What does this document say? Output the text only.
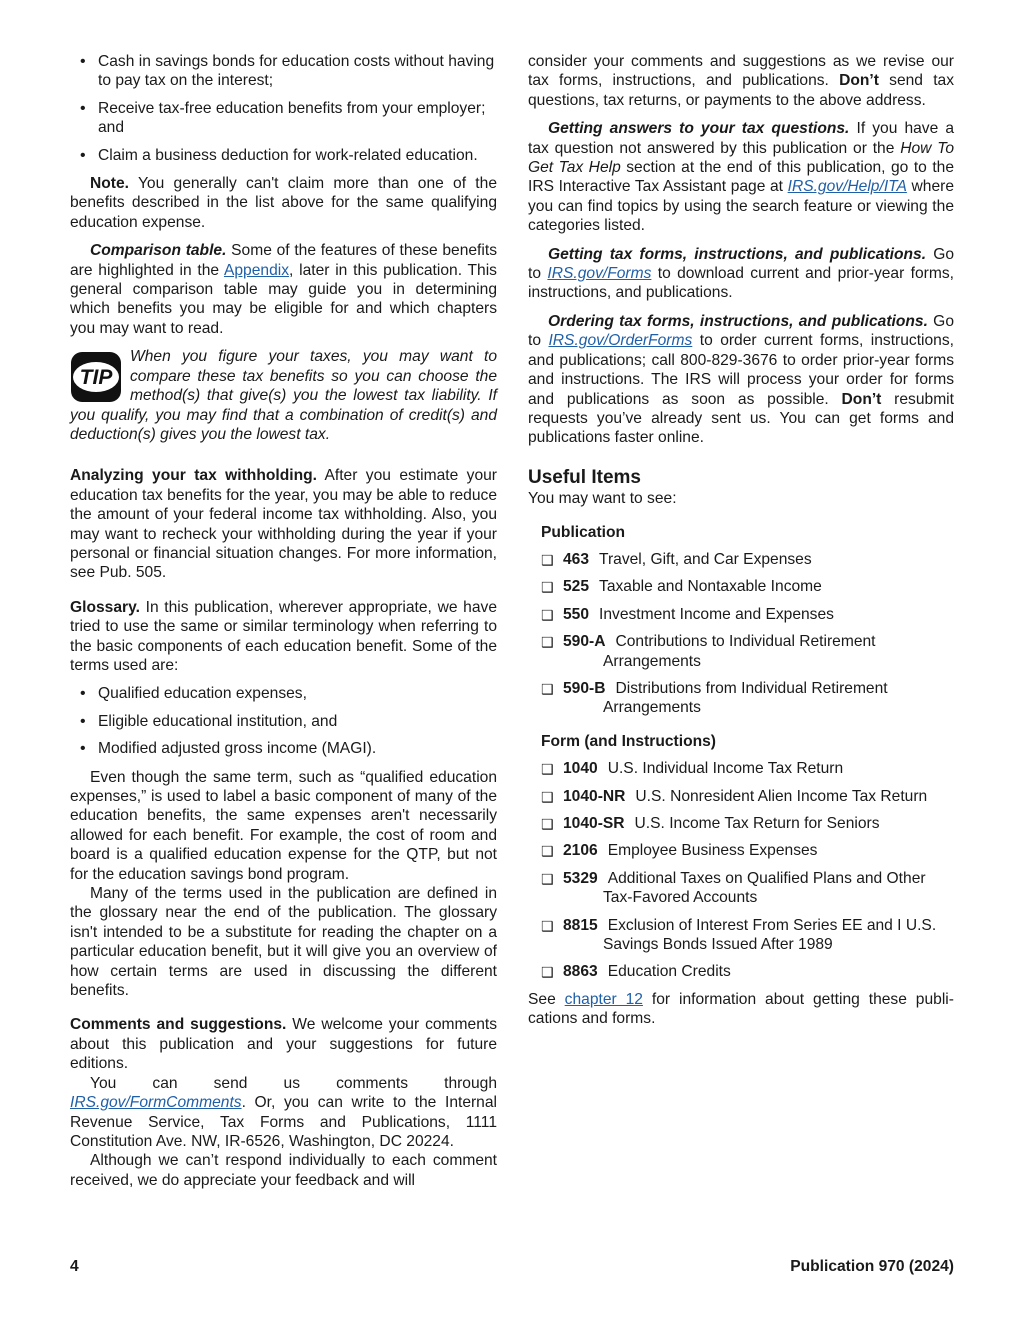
• Cash in savings bonds for education costs without having to pay tax on the interest;
• Receive tax-free education benefits from your employer; and
• Claim a business deduction for work-related education.

Note. You generally can't claim more than one of the benefits described in the list above for the same qualifying education expense.

Comparison table. Some of the features of these benefits are highlighted in the Appendix, later in this publication. This general comparison table may guide you in determining which benefits you may be eligible for and which chapters you may want to read.

TIP
When you figure your taxes, you may want to compare these tax benefits so you can choose the method(s) that give(s) you the lowest tax liability. If you qualify, you may find that a combination of credit(s) and deduction(s) gives you the lowest tax.

Analyzing your tax withholding. After you estimate your education tax benefits for the year, you may be able to reduce the amount of your federal income tax withholding. Also, you may want to recheck your withholding during the year if your personal or financial situation changes. For more information, see Pub. 505.

Glossary. In this publication, wherever appropriate, we have tried to use the same or similar terminology when referring to the basic components of each education benefit. Some of the terms used are:

• Qualified education expenses,
• Eligible educational institution, and
• Modified adjusted gross income (MAGI).

Even though the same term, such as “qualified education expenses,” is used to label a basic component of many of the education benefits, the same expenses aren't necessarily allowed for each benefit. For example, the cost of room and board is a qualified education expense for the QTP, but not for the education savings bond program.

Many of the terms used in the publication are defined in the glossary near the end of the publication. The glossary isn't intended to be a substitute for reading the chapter on a particular education benefit, but it will give you an overview of how certain terms are used in discussing the different benefits.

Comments and suggestions. We welcome your comments about this publication and your suggestions for future editions.

You can send us comments through IRS.gov/FormComments. Or, you can write to the Internal Revenue Service, Tax Forms and Publications, 1111 Constitution Ave. NW, IR-6526, Washington, DC 20224.

Although we can’t respond individually to each comment received, we do appreciate your feedback and will

consider your comments and suggestions as we revise our tax forms, instructions, and publications. Don’t send tax questions, tax returns, or payments to the above address.

Getting answers to your tax questions. If you have a tax question not answered by this publication or the How To Get Tax Help section at the end of this publication, go to the IRS Interactive Tax Assistant page at IRS.gov/Help/ITA where you can find topics by using the search feature or viewing the categories listed.

Getting tax forms, instructions, and publications. Go to IRS.gov/Forms to download current and prior-year forms, instructions, and publications.

Ordering tax forms, instructions, and publications. Go to IRS.gov/OrderForms to order current forms, instructions, and publications; call 800-829-3676 to order prior-year forms and instructions. The IRS will process your order for forms and publications as soon as possible. Don’t resubmit requests you’ve already sent us. You can get forms and publications faster online.

Useful Items

You may want to see:

Publication
❑ 463 Travel, Gift, and Car Expenses
❑ 525 Taxable and Nontaxable Income
❑ 550 Investment Income and Expenses
❑ 590-A Contributions to Individual Retirement Arrangements
❑ 590-B Distributions from Individual Retirement Arrangements
Form (and Instructions)
❑ 1040 U.S. Individual Income Tax Return
❑ 1040-NR U.S. Nonresident Alien Income Tax Return
❑ 1040-SR U.S. Income Tax Return for Seniors
❑ 2106 Employee Business Expenses
❑ 5329 Additional Taxes on Qualified Plans and Other Tax-Favored Accounts
❑ 8815 Exclusion of Interest From Series EE and I U.S. Savings Bonds Issued After 1989
❑ 8863 Education Credits

See chapter 12 for information about getting these publications and forms.

4	Publication 970 (2024)
